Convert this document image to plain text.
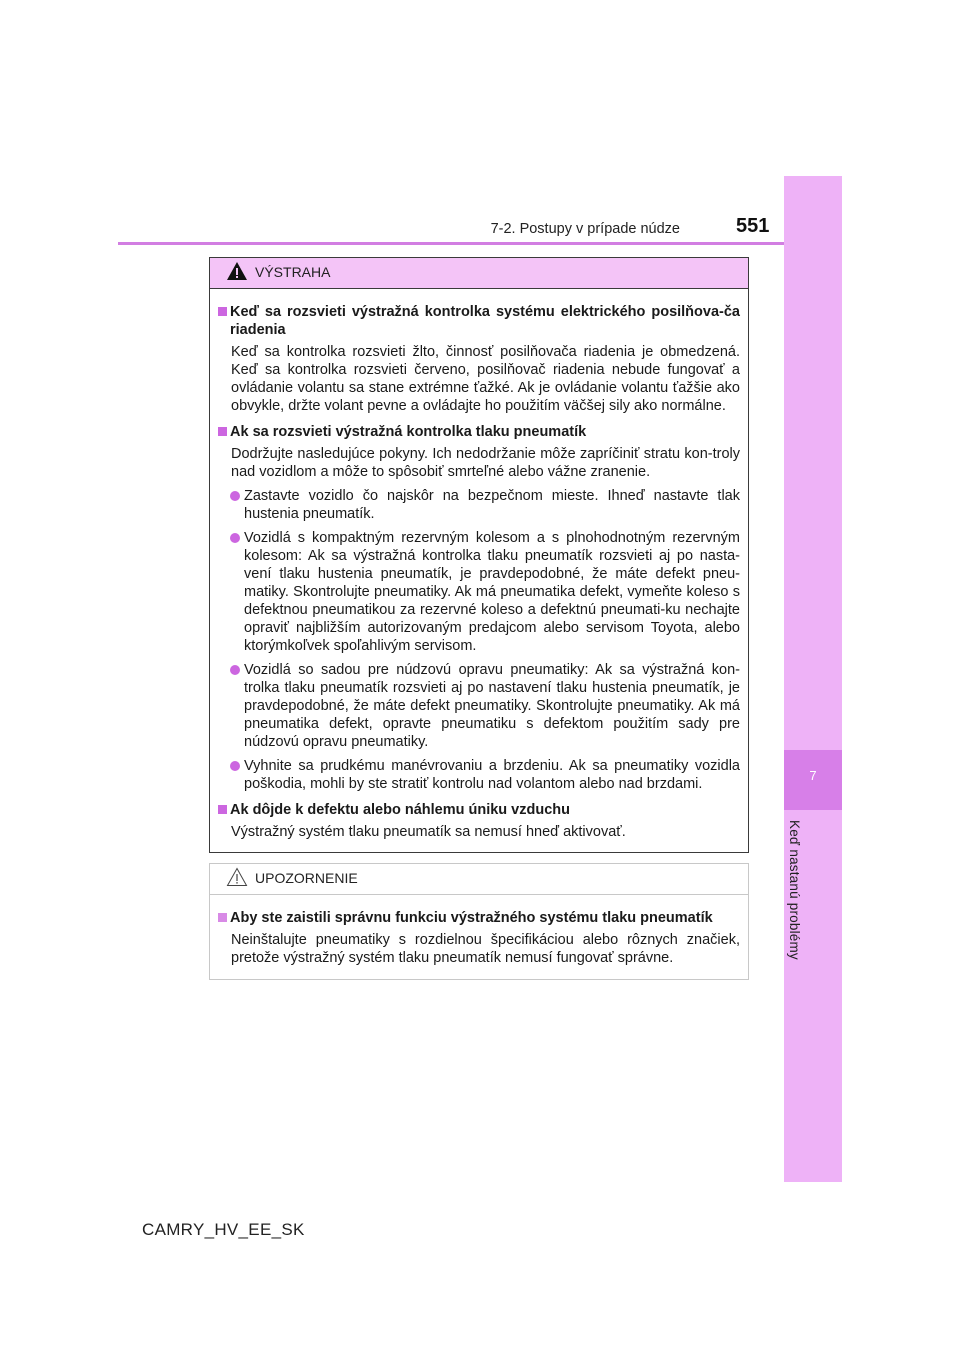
7-2. Postupy v prípade núdze	551
7
Keď nastanú problémy
VÝSTRAHA
Keď sa rozsvieti výstražná kontrolka systému elektrického posilňova-ča riadenia
Keď sa kontrolka rozsvieti žlto, činnosť posilňovača riadenia je obmedzená. Keď sa kontrolka rozsvieti červeno, posilňovač riadenia nebude fungovať a ovládanie volantu sa stane extrémne ťažké. Ak je ovládanie volantu ťažšie ako obvykle, držte volant pevne a ovládajte ho použitím väčšej sily ako normálne.
Ak sa rozsvieti výstražná kontrolka tlaku pneumatík
Dodržujte nasledujúce pokyny. Ich nedodržanie môže zapríčiniť stratu kon-troly nad vozidlom a môže to spôsobiť smrteľné alebo vážne zranenie.
Zastavte vozidlo čo najskôr na bezpečnom mieste. Ihneď nastavte tlak hustenia pneumatík.
Vozidlá s kompaktným rezervným kolesom a s plnohodnotným rezervným kolesom: Ak sa výstražná kontrolka tlaku pneumatík rozsvieti aj po nasta-vení tlaku hustenia pneumatík, je pravdepodobné, že máte defekt pneu-matiky. Skontrolujte pneumatiky. Ak má pneumatika defekt, vymeňte koleso s defektnou pneumatikou za rezervné koleso a defektnú pneumati-ku nechajte opraviť najbližším autorizovaným predajcom alebo servisom Toyota, alebo ktorýmkoľvek spoľahlivým servisom.
Vozidlá so sadou pre núdzovú opravu pneumatiky: Ak sa výstražná kon-trolka tlaku pneumatík rozsvieti aj po nastavení tlaku hustenia pneumatík, je pravdepodobné, že máte defekt pneumatiky. Skontrolujte pneumatiky. Ak má pneumatika defekt, opravte pneumatiku s defektom použitím sady pre núdzovú opravu pneumatiky.
Vyhnite sa prudkému manévrovaniu a brzdeniu. Ak sa pneumatiky vozidla poškodia, mohli by ste stratiť kontrolu nad volantom alebo nad brzdami.
Ak dôjde k defektu alebo náhlemu úniku vzduchu
Výstražný systém tlaku pneumatík sa nemusí hneď aktivovať.
UPOZORNENIE
Aby ste zaistili správnu funkciu výstražného systému tlaku pneumatík
Neinštalujte pneumatiky s rozdielnou špecifikáciou alebo rôznych značiek, pretože výstražný systém tlaku pneumatík nemusí fungovať správne.
CAMRY_HV_EE_SK
